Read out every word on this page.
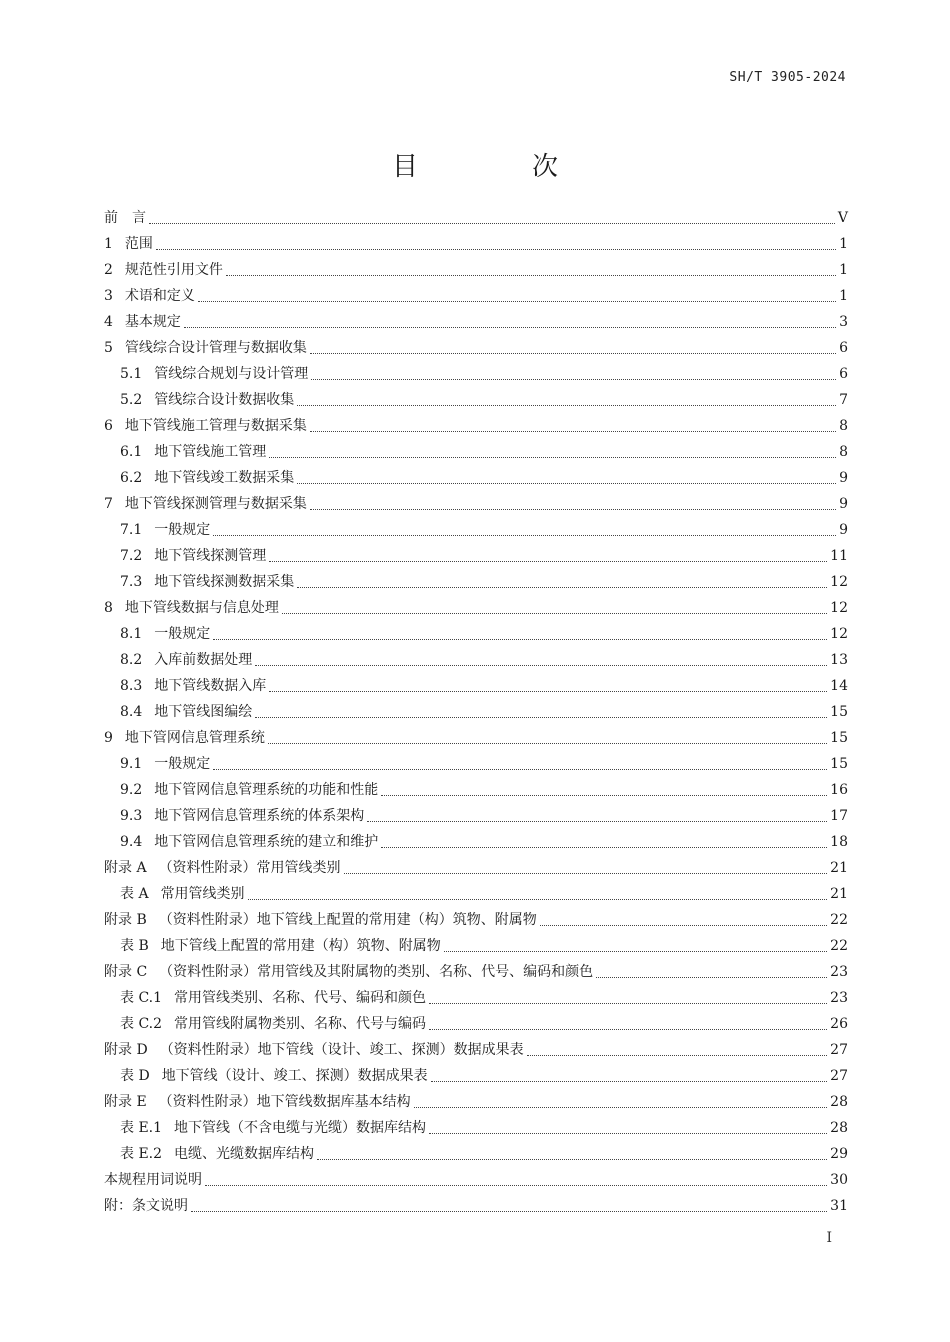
SH/T 3905-2024
目　次
前　言	V
1 范围	1
2 规范性引用文件	1
3 术语和定义	1
4 基本规定	3
5 管线综合设计管理与数据收集	6
5.1 管线综合规划与设计管理	6
5.2 管线综合设计数据收集	7
6 地下管线施工管理与数据采集	8
6.1 地下管线施工管理	8
6.2 地下管线竣工数据采集	9
7 地下管线探测管理与数据采集	9
7.1 一般规定	9
7.2 地下管线探测管理	11
7.3 地下管线探测数据采集	12
8 地下管线数据与信息处理	12
8.1 一般规定	12
8.2 入库前数据处理	13
8.3 地下管线数据入库	14
8.4 地下管线图编绘	15
9 地下管网信息管理系统	15
9.1 一般规定	15
9.2 地下管网信息管理系统的功能和性能	16
9.3 地下管网信息管理系统的体系架构	17
9.4 地下管网信息管理系统的建立和维护	18
附录 A （资料性附录）常用管线类别	21
表 A 常用管线类别	21
附录 B （资料性附录）地下管线上配置的常用建（构）筑物、附属物	22
表 B 地下管线上配置的常用建（构）筑物、附属物	22
附录 C （资料性附录）常用管线及其附属物的类别、名称、代号、编码和颜色	23
表 C.1 常用管线类别、名称、代号、编码和颜色	23
表 C.2 常用管线附属物类别、名称、代号与编码	26
附录 D （资料性附录）地下管线（设计、竣工、探测）数据成果表	27
表 D 地下管线（设计、竣工、探测）数据成果表	27
附录 E （资料性附录）地下管线数据库基本结构	28
表 E.1 地下管线（不含电缆与光缆）数据库结构	28
表 E.2 电缆、光缆数据库结构	29
本规程用词说明	30
附：条文说明	31
I
